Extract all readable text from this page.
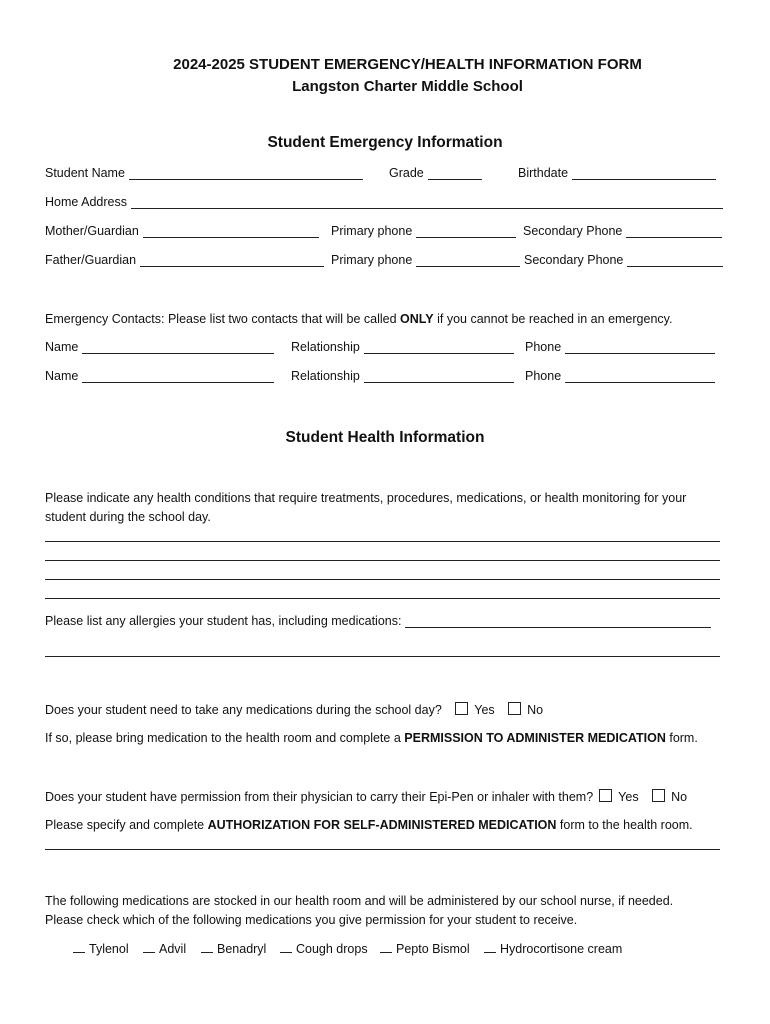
2024-2025 STUDENT EMERGENCY/HEALTH INFORMATION FORM
Langston Charter Middle School
Student Emergency Information
Student Name	Grade	Birthdate
Home Address
Mother/Guardian	Primary phone	Secondary Phone
Father/Guardian	Primary phone	Secondary Phone
Emergency Contacts: Please list two contacts that will be called ONLY if you cannot be reached in an emergency.
Name	Relationship	Phone
Name	Relationship	Phone
Student Health Information
Please indicate any health conditions that require treatments, procedures, medications, or health monitoring for your
student during the school day.
Please list any allergies your student has, including medications:
Does your student need to take any medications during the school day?	Yes	No
If so, please bring medication to the health room and complete a PERMISSION TO ADMINISTER MEDICATION form.
Does your student have permission from their physician to carry their Epi-Pen or inhaler with them? Yes	No
Please specify and complete AUTHORIZATION FOR SELF-ADMINISTERED MEDICATION form to the health room.
The following medications are stocked in our health room and will be administered by our school nurse, if needed.
Please check which of the following medications you give permission for your student to receive.
Tylenol	Advil	Benadryl	Cough drops	Pepto Bismol	Hydrocortisone cream
